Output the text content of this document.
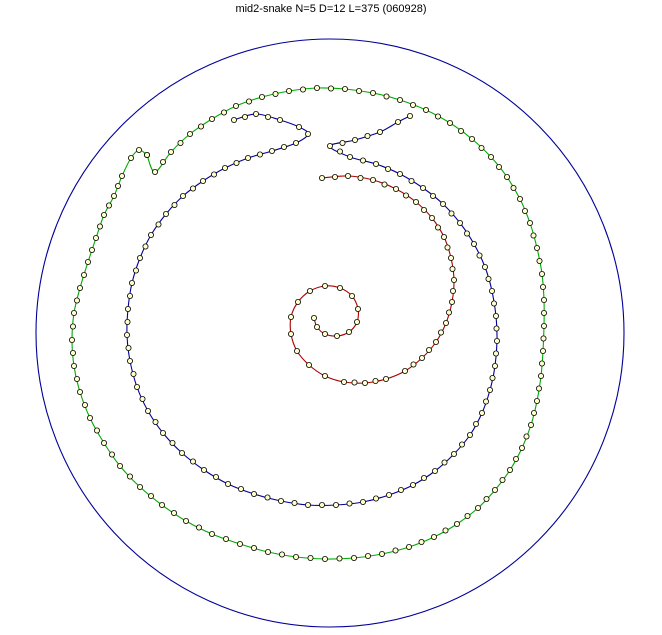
mid2-snake N=5 D=12 L=375 (060928)
